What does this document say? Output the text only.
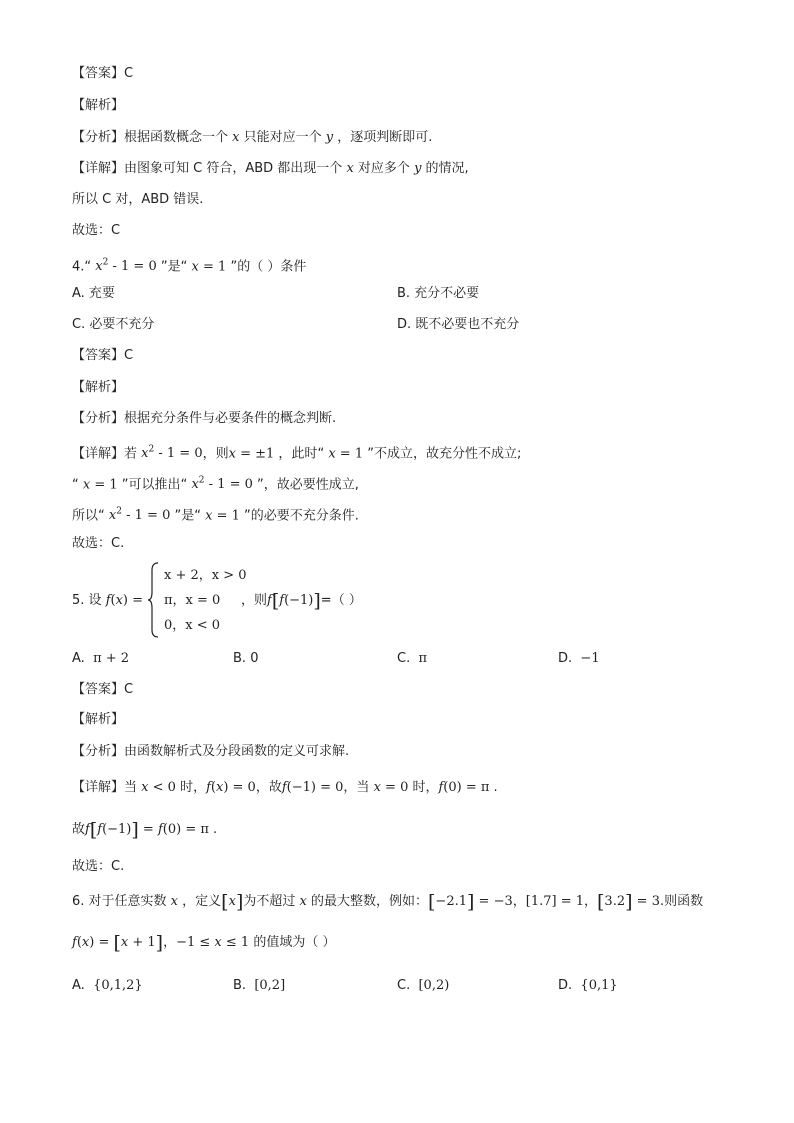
【答案】C
【解析】
【分析】根据函数概念一个 x 只能对应一个 y ，逐项判断即可.
【详解】由图象可知 C 符合，ABD 都出现一个 x 对应多个 y 的情况,
所以 C 对，ABD 错误.
故选：C
4.“ $x^2 - 1 = 0$ ”是“ x = 1 ”的（ ）条件
A. 充要	B. 充分不必要
C. 必要不充分	D. 既不必要也不充分
【答案】C
【解析】
【分析】根据充分条件与必要条件的概念判断.
【详解】若 $x^2 - 1 = 0$，则x = ±1 ，此时“ x = 1 ”不成立，故充分性不成立;
“ x = 1 ”可以推出“ $x^2 - 1 = 0$ ”，故必要性成立,
所以“ $x^2 - 1 = 0$ ”是“ x = 1 ”的必要不充分条件.
故选：C.
5. 设 f(x) =
x + 2，x > 0
π，x = 0
0，x < 0
，则f[f(−1)]=（ ）
A. π + 2	B. 0	C. π	D. −1
【答案】C
【解析】
【分析】由函数解析式及分段函数的定义可求解.
【详解】当 x < 0 时，f(x) = 0，故f(−1) = 0，当 x = 0 时，f(0) = π .
故f[f(−1)] = f(0) = π .
故选：C.
6. 对于任意实数 x ，定义[x]为不超过 x 的最大整数，例如：[−2.1] = −3，[1.7] = 1，[3.2] = 3.则函数
f(x) = [x + 1]，−1 ≤ x ≤ 1 的值域为（ ）
A. {0,1,2}	B. [0,2]	C. [0,2)	D. {0,1}
